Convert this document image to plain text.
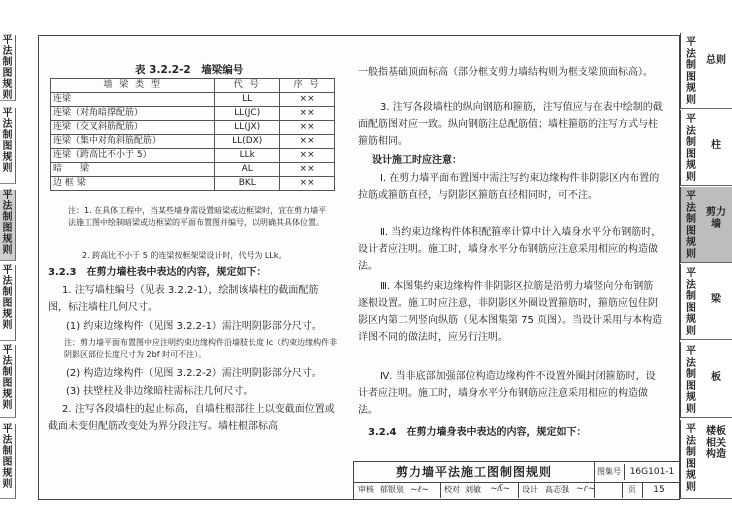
平法制图规则
平法制图规则
平法制图规则
平法制图规则
平法制图规则
平法制图规则
平法制图规则
总则
平法制图规则
柱
平法制图规则
剪力墙
平法制图规则
梁
平法制图规则
板
平法制图规则
楼板相关构造
表 3.2.2-2　墙梁编号
墙 梁 类 型	代 号	序 号
连梁	LL	××
连梁（对角暗撑配筋）	LL(JC)	××
连梁（交叉斜筋配筋）	LL(JX)	××
连梁（集中对角斜筋配筋）	LL(DX)	××
连梁（跨高比不小于 5）	LLk	××
暗　　梁	AL	××
边 框 梁	BKL	××
注：1. 在具体工程中，当某些墙身需设置暗梁或边框梁时，宜在剪力墙平法施工图中绘制暗梁或边框梁的平面布置图并编号，以明确其具体位置。
2. 跨高比不小于 5 的连梁按框架梁设计时，代号为 LLk。
3.2.3　在剪力墙柱表中表达的内容，规定如下：
1. 注写墙柱编号（见表 3.2.2-1），绘制该墙柱的截面配筋图，标注墙柱几何尺寸。
(1) 约束边缘构件（见图 3.2.2-1）需注明阴影部分尺寸。
注：剪力墙平面布置图中应注明约束边缘构件沿墙肢长度 lc（约束边缘构件非阴影区部位长度尺寸为 2bf 时可不注）。
(2) 构造边缘构件（见图 3.2.2-2）需注明阴影部分尺寸。
(3) 扶壁柱及非边缘暗柱需标注几何尺寸。
2. 注写各段墙柱的起止标高，自墙柱根部往上以变截面位置或截面未变但配筋改变处为界分段注写。墙柱根部标高
一般指基础顶面标高（部分框支剪力墙结构则为框支梁顶面标高）。
3. 注写各段墙柱的纵向钢筋和箍筋，注写值应与在表中绘制的截面配筋图对应一致。纵向钢筋注总配筋值；墙柱箍筋的注写方式与柱箍筋相同。
设计施工时应注意：
Ⅰ. 在剪力墙平面布置图中需注写约束边缘构件非阴影区内布置的拉筋或箍筋直径，与阴影区箍筋直径相同时，可不注。
Ⅱ. 当约束边缘构件体积配箍率计算中计入墙身水平分布钢筋时，设计者应注明。施工时，墙身水平分布钢筋应注意采用相应的构造做法。
Ⅲ. 本图集约束边缘构件非阴影区拉筋是沿剪力墙竖向分布钢筋逐根设置。施工时应注意，非阴影区外圈设置箍筋时，箍筋应包住阴影区内第二列竖向纵筋（见本图集第 75 页图）。当设计采用与本构造详图不同的做法时，应另行注明。
Ⅳ. 当非底部加强部位构造边缘构件不设置外圈封闭箍筋时，设计者应注明。施工时，墙身水平分布钢筋应注意采用相应的构造做法。
3.2.4　在剪力墙身表中表达的内容，规定如下：
剪力墙平法施工图制图规则	图集号 16G101-1
审核 郁银泉 ~ℓ~ 校对 刘敏	~ʎ~ 设计 高志强 ~ɾ~	页	15
